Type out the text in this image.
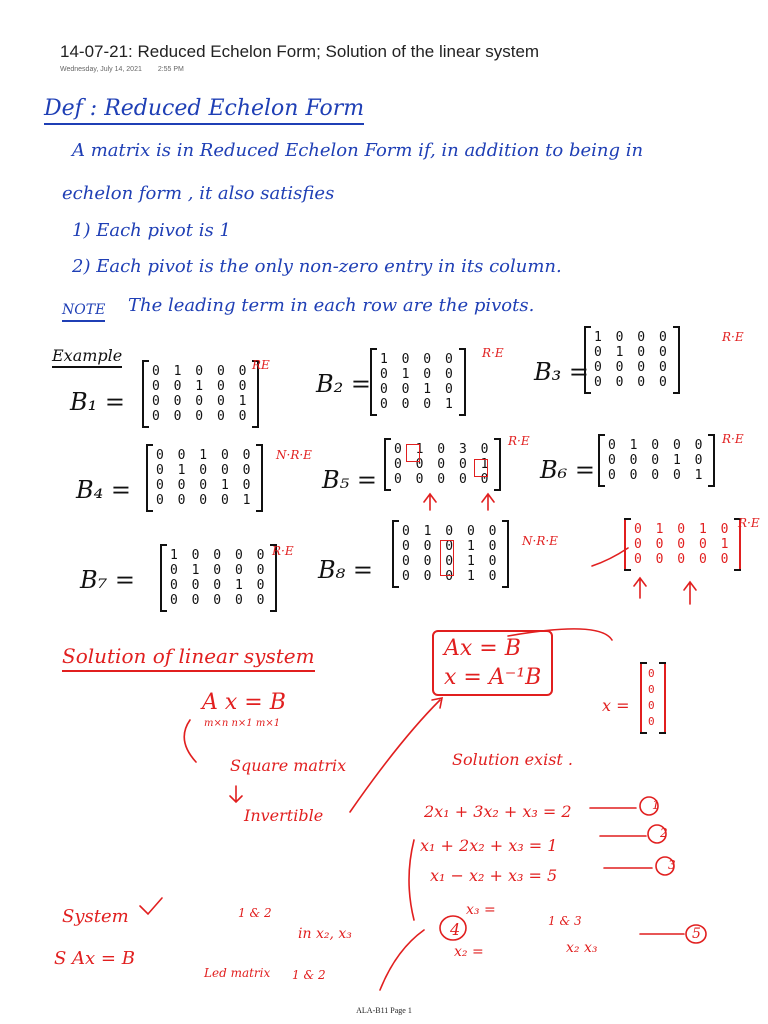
14-07-21: Reduced Echelon Form; Solution of the linear system
Wednesday, July 14, 2021 2:55 PM
Def : Reduced Echelon Form
A matrix is in Reduced Echelon Form if, in addition to being in
echelon form , it also satisfies
1) Each pivot is 1
2) Each pivot is the only non-zero entry in its column.
NOTE The leading term in each row are the pivots.
Example
B₁ =
0 1 0 0 0
0 0 1 0 0
0 0 0 0 1
0 0 0 0 0
RE
B₂ =
1 0 0 0
0 1 0 0
0 0 1 0
0 0 0 1
R·E
B₃ =
1 0 0 0
0 1 0 0
0 0 0 0
0 0 0 0
R·E
B₄ =
0 0 1 0 0
0 1 0 0 0
0 0 0 1 0
0 0 0 0 1
N·R·E
B₅ =
0 1 0 3 0
0 0 0 0 1
0 0 0 0 0
R·E
B₆ =
0 1 0 0 0
0 0 0 1 0
0 0 0 0 1
R·E
B₇ =
1 0 0 0 0
0 1 0 0 0
0 0 0 1 0
0 0 0 0 0
R·E
B₈ =
0 1 0 0 0
0 0 0 1 0
0 0 0 1 0
0 0 0 1 0
N·R·E
0 1 0 1 0
0 0 0 0 1
0 0 0 0 0
R·E
Solution of linear system
A x = B
m×n n×1 m×1
Square matrix
Invertible
Ax = B
x = A⁻¹B
Solution exist .
x =
0
0
0
0
2x₁ + 3x₂ + x₃ = 2
x₁ + 2x₂ + x₃ = 1
x₁ − x₂ + x₃ = 5
1
2
3
System
S Ax = B
1 & 2
in x₂, x₃
x₃ =
x₂ =
4	1 & 3
x₂ x₃
5
Led matrix 1 & 2
ALA-B11 Page 1
